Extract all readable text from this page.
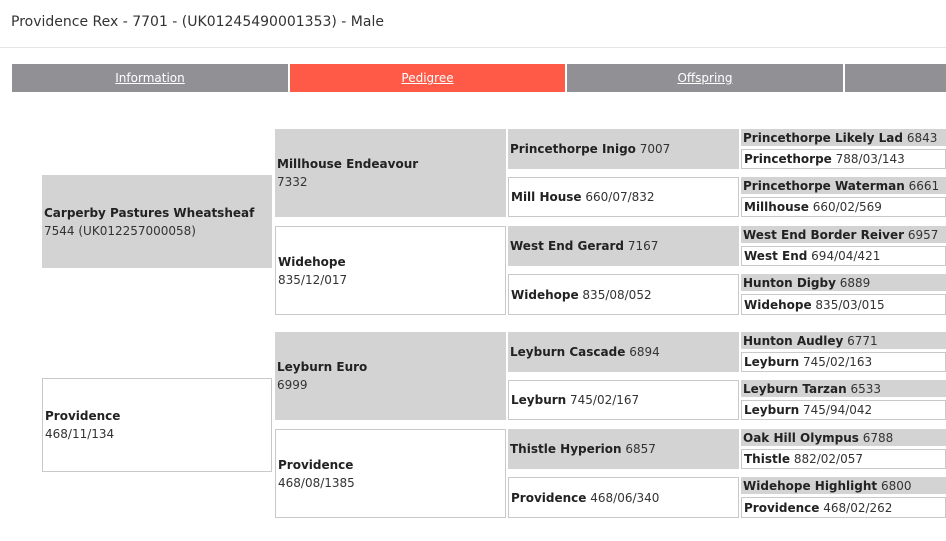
Providence Rex - 7701 - (UK01245490001353) - Male
Information	Pedigree	Offspring
Carperby Pastures Wheatsheaf
7544 (UK012257000058)
Providence
468/11/134
Millhouse Endeavour
7332
Widehope
835/12/017
Leyburn Euro
6999
Providence
468/08/1385
Princethorpe Inigo 7007
Mill House 660/07/832
West End Gerard 7167
Widehope 835/08/052
Leyburn Cascade 6894
Leyburn 745/02/167
Thistle Hyperion 6857
Providence 468/06/340
Princethorpe Likely Lad 6843
Princethorpe 788/03/143
Princethorpe Waterman 6661
Millhouse 660/02/569
West End Border Reiver 6957
West End 694/04/421
Hunton Digby 6889
Widehope 835/03/015
Hunton Audley 6771
Leyburn 745/02/163
Leyburn Tarzan 6533
Leyburn 745/94/042
Oak Hill Olympus 6788
Thistle 882/02/057
Widehope Highlight 6800
Providence 468/02/262
